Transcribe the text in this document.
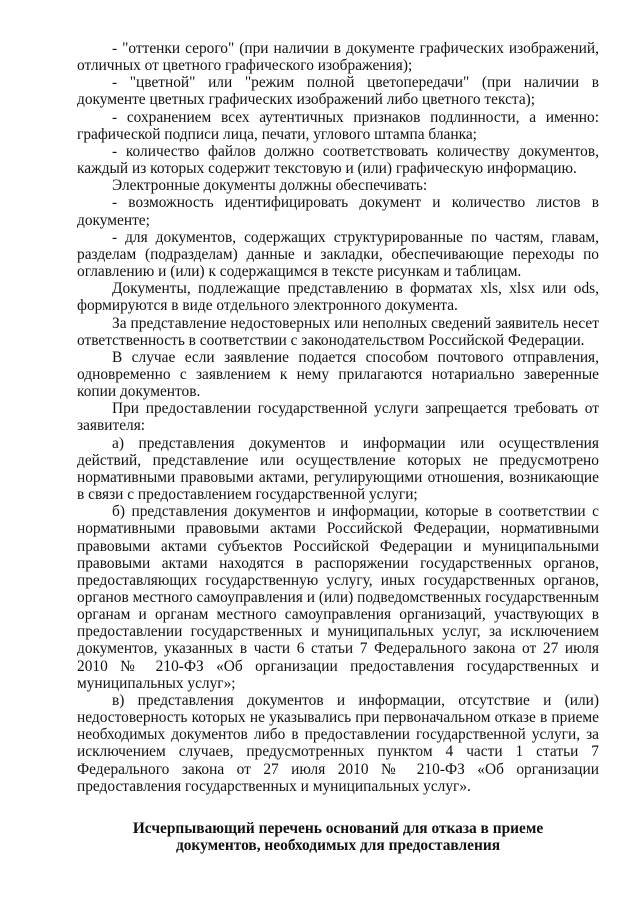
- "оттенки серого" (при наличии в документе графических изображений, отличных от цветного графического изображения);

- "цветной" или "режим полной цветопередачи" (при наличии в документе цветных графических изображений либо цветного текста);

- сохранением всех аутентичных признаков подлинности, а именно: графической подписи лица, печати, углового штампа бланка;

- количество файлов должно соответствовать количеству документов, каждый из которых содержит текстовую и (или) графическую информацию.

Электронные документы должны обеспечивать:

- возможность идентифицировать документ и количество листов в документе;

- для документов, содержащих структурированные по частям, главам, разделам (подразделам) данные и закладки, обеспечивающие переходы по оглавлению и (или) к содержащимся в тексте рисункам и таблицам.

Документы, подлежащие представлению в форматах xls, xlsx или ods, формируются в виде отдельного электронного документа.

За представление недостоверных или неполных сведений заявитель несет ответственность в соответствии с законодательством Российской Федерации.

В случае если заявление подается способом почтового отправления, одновременно с заявлением к нему прилагаются нотариально заверенные копии документов.

При предоставлении государственной услуги запрещается требовать от заявителя:

а) представления документов и информации или осуществления действий, представление или осуществление которых не предусмотрено нормативными правовыми актами, регулирующими отношения, возникающие в связи с предоставлением государственной услуги;

б) представления документов и информации, которые в соответствии с нормативными правовыми актами Российской Федерации, нормативными правовыми актами субъектов Российской Федерации и муниципальными правовыми актами находятся в распоряжении государственных органов, предоставляющих государственную услугу, иных государственных органов, органов местного самоуправления и (или) подведомственных государственным органам и органам местного самоуправления организаций, участвующих в предоставлении государственных и муниципальных услуг, за исключением документов, указанных в части 6 статьи 7 Федерального закона от 27 июля 2010 № 210-ФЗ «Об организации предоставления государственных и муниципальных услуг»;

в) представления документов и информации, отсутствие и (или) недостоверность которых не указывались при первоначальном отказе в приеме необходимых документов либо в предоставлении государственной услуги, за исключением случаев, предусмотренных пунктом 4 части 1 статьи 7 Федерального закона от 27 июля 2010 № 210-ФЗ «Об организации предоставления государственных и муниципальных услуг».

Исчерпывающий перечень оснований для отказа в приеме
документов, необходимых для предоставления
